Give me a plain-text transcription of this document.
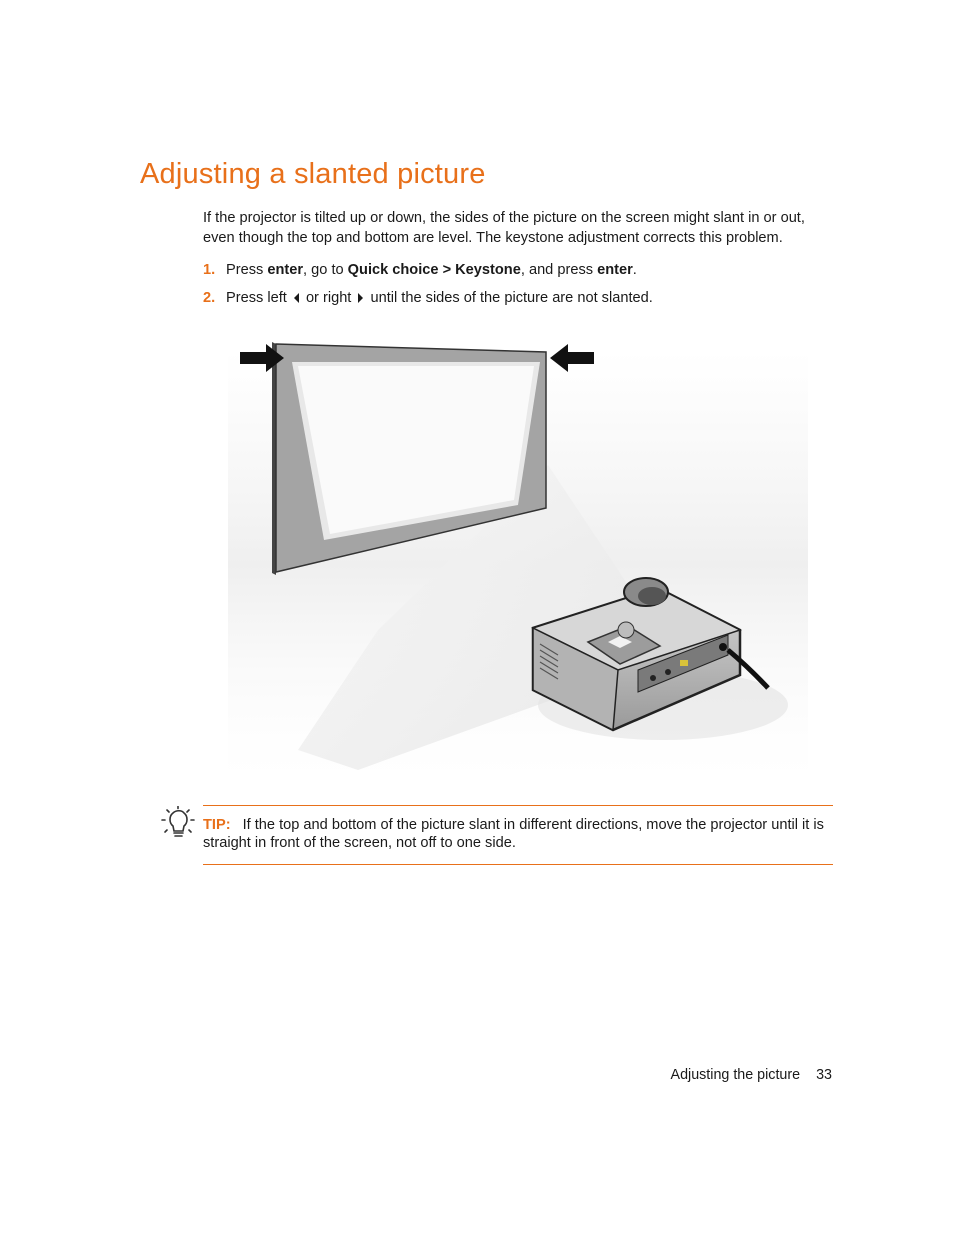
Adjusting a slanted picture

If the projector is tilted up or down, the sides of the picture on the screen might slant in or out, even though the top and bottom are level. The keystone adjustment corrects this problem.

1. Press enter, go to Quick choice > Keystone, and press enter.
2. Press left  or right  until the sides of the picture are not slanted.

TIP: If the top and bottom of the picture slant in different directions, move the projector until it is straight in front of the screen, not off to one side.

Adjusting the picture 33
